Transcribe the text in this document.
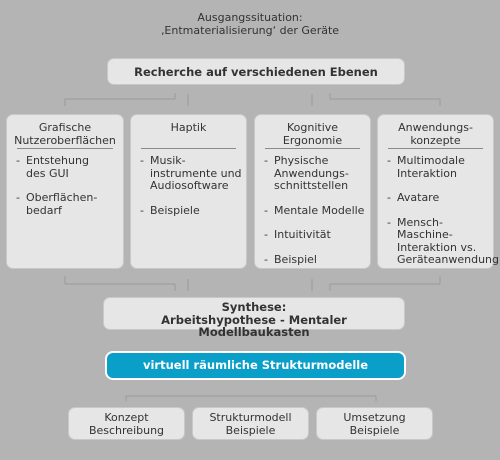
Ausgangssituation:
‚Entmaterialisierung‘ der Geräte
Recherche auf verschiedenen Ebenen
Grafische
Nutzeroberflächen
- Entstehung
des GUI
- Oberflächen-
bedarf
Haptik
- Musik-
instrumente und
Audiosoftware
- Beispiele
Kognitive
Ergonomie
- Physische
Anwendungs-
schnittstellen
- Mentale Modelle
- Intuitivität
- Beispiel
Anwendungs-
konzepte
- Multimodale
Interaktion
- Avatare
- Mensch-Maschine-
Interaktion vs.
Geräteanwendung
Synthese:
Arbeitshypothese - Mentaler Modellbaukasten
virtuell räumliche Strukturmodelle
Konzept
Beschreibung
Strukturmodell
Beispiele
Umsetzung
Beispiele
